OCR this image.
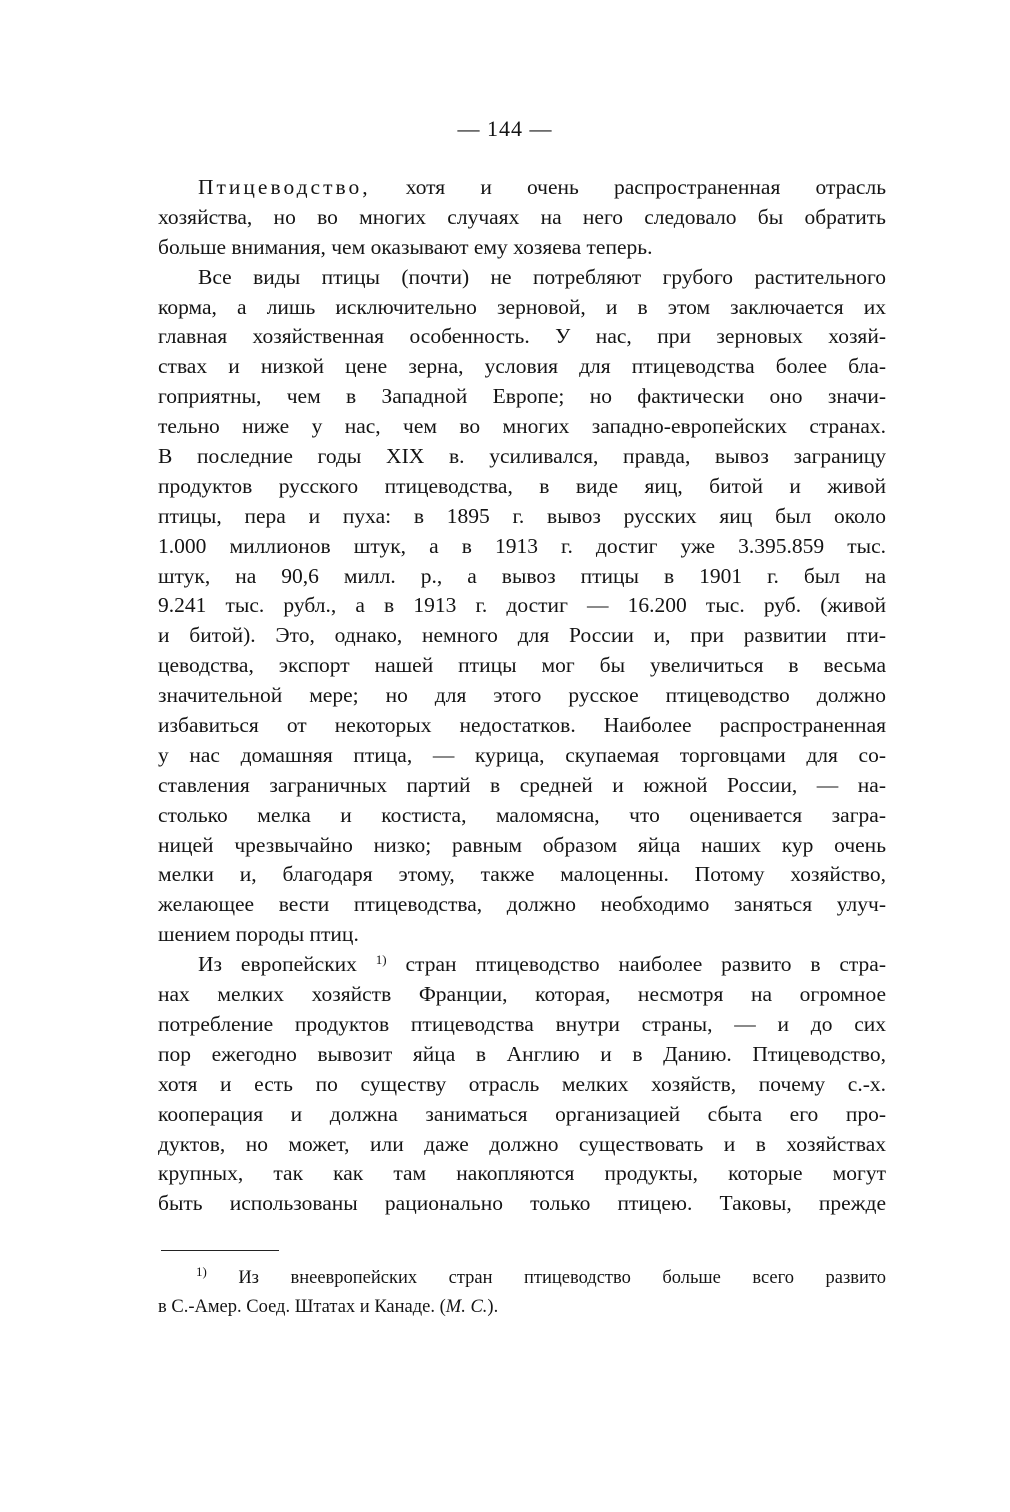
— 144 —
Птицеводство, хотя и очень распространенная отрасль
хозяйства, но во многих случаях на него следовало бы обратить
больше внимания, чем оказывают ему хозяева теперь.
Все виды птицы (почти) не потребляют грубого растительного
корма, а лишь исключительно зерновой, и в этом заключается их
главная хозяйственная особенность. У нас, при зерновых хозяй-
ствах и низкой цене зерна, условия для птицеводства более бла-
гоприятны, чем в Западной Европе; но фактически оно значи-
тельно ниже у нас, чем во многих западно-европейских странах.
В последние годы XIX в. усиливался, правда, вывоз заграницу
продуктов русского птицеводства, в виде яиц, битой и живой
птицы, пера и пуха: в 1895 г. вывоз русских яиц был около
1.000 миллионов штук, а в 1913 г. достиг уже 3.395.859 тыс.
штук, на 90,6 милл. р., а вывоз птицы в 1901 г. был на
9.241 тыс. рубл., а в 1913 г. достиг — 16.200 тыс. руб. (живой
и битой). Это, однако, немного для России и, при развитии пти-
цеводства, экспорт нашей птицы мог бы увеличиться в весьма
значительной мере; но для этого русское птицеводство должно
избавиться от некоторых недостатков. Наиболее распространенная
у нас домашняя птица, — курица, скупаемая торговцами для со-
ставления заграничных партий в средней и южной России, — на-
столько мелка и костиста, маломясна, что оценивается загра-
ницей чрезвычайно низко; равным образом яйца наших кур очень
мелки и, благодаря этому, также малоценны. Потому хозяйство,
желающее вести птицеводства, должно необходимо заняться улуч-
шением породы птиц.
Из европейских $^{1)}$ стран птицеводство наиболее развито в стра-
нах мелких хозяйств Франции, которая, несмотря на огромное
потребление продуктов птицеводства внутри страны, — и до сих
пор ежегодно вывозит яйца в Англию и в Данию. Птицеводство,
хотя и есть по существу отрасль мелких хозяйств, почему с.-х.
кооперация и должна заниматься организацией сбыта его про-
дуктов, но может, или даже должно существовать и в хозяйствах
крупных, так как там накопляются продукты, которые могут
быть использованы рационально только птицею. Таковы, прежде
$^{1)}$ Из внеевропейских стран птицеводство больше всего развито
в С.-Амер. Соед. Штатах и Канаде. (М. С.).
